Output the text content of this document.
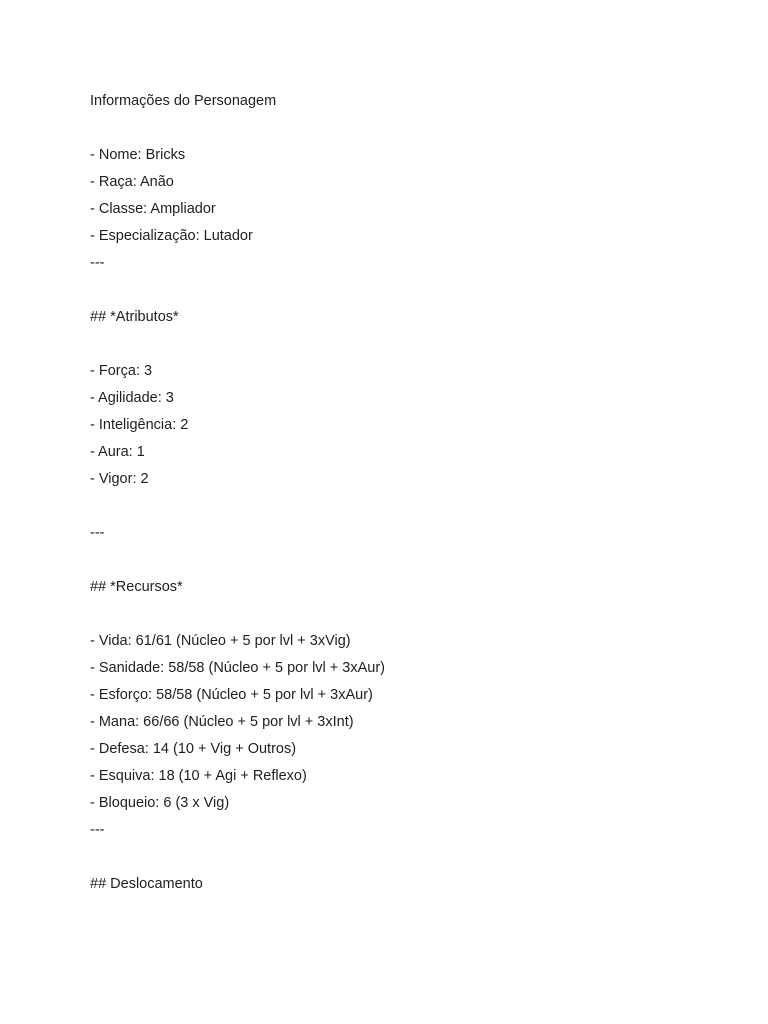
Informações do Personagem
- Nome: Bricks
- Raça: Anão
- Classe: Ampliador
- Especialização: Lutador
---
## *Atributos*
- Força: 3
- Agilidade: 3
- Inteligência: 2
- Aura: 1
- Vigor: 2
---
## *Recursos*
- Vida: 61/61 (Núcleo + 5 por lvl + 3xVig)
- Sanidade: 58/58 (Núcleo + 5 por lvl + 3xAur)
- Esforço: 58/58 (Núcleo + 5 por lvl + 3xAur)
- Mana: 66/66 (Núcleo + 5 por lvl + 3xInt)
- Defesa: 14 (10 + Vig + Outros)
- Esquiva: 18 (10 + Agi + Reflexo)
- Bloqueio: 6 (3 x Vig)
---
## Deslocamento
